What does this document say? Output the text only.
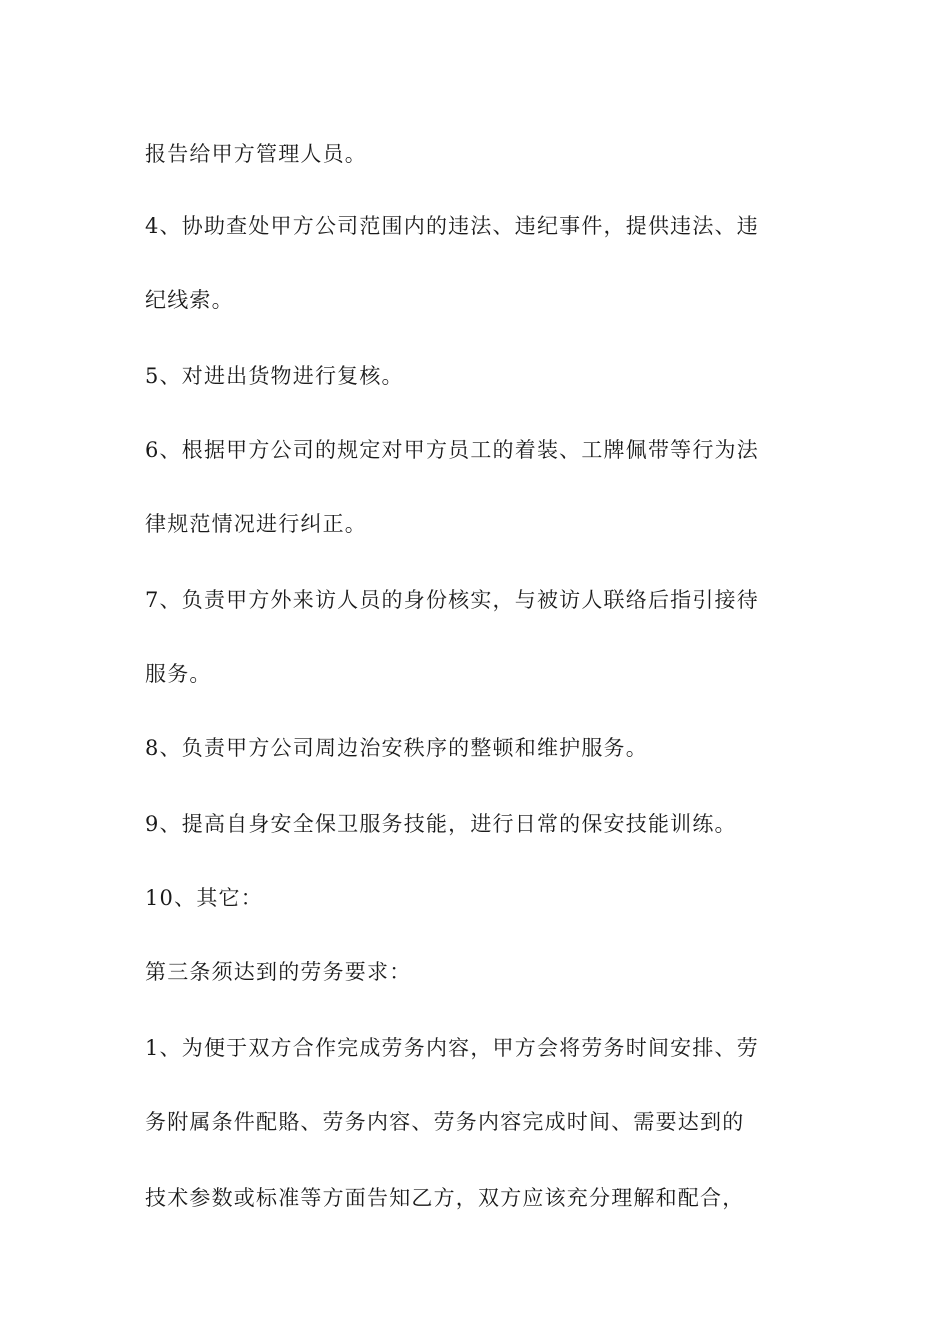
报告给甲方管理人员。
4、协助查处甲方公司范围内的违法、违纪事件，提供违法、违
纪线索。
5、对进出货物进行复核。
6、根据甲方公司的规定对甲方员工的着装、工牌佩带等行为法
律规范情况进行纠正。
7、负责甲方外来访人员的身份核实，与被访人联络后指引接待
服务。
8、负责甲方公司周边治安秩序的整顿和维护服务。
9、提高自身安全保卫服务技能，进行日常的保安技能训练。
10、其它：
第三条须达到的劳务要求：
1、为便于双方合作完成劳务内容，甲方会将劳务时间安排、劳
务附属条件配賂、劳务内容、劳务内容完成时间、需要达到的
技术参数或标准等方面告知乙方，双方应该充分理解和配合，
